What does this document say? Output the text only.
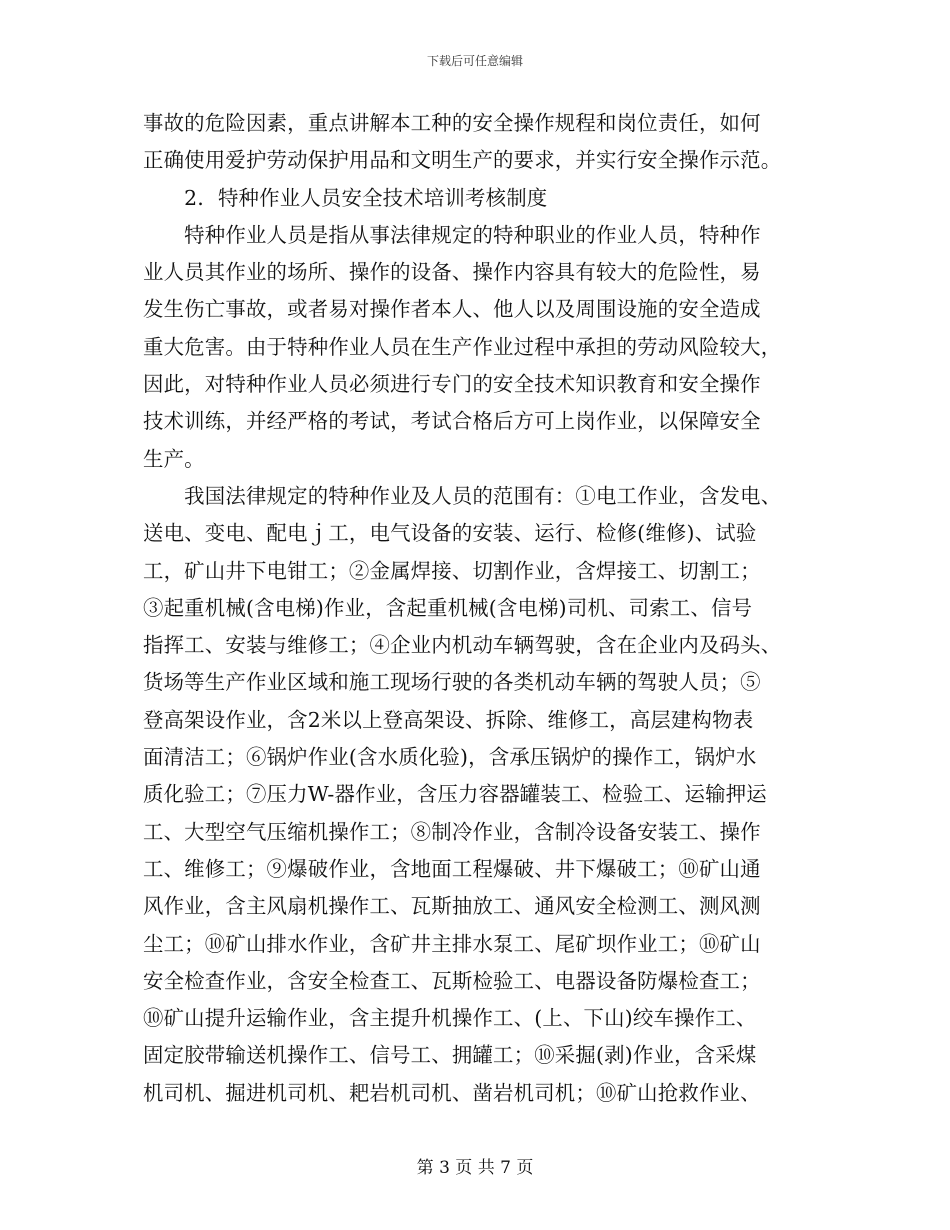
下载后可任意编辑
事故的危险因素，重点讲解本工种的安全操作规程和岗位责任，如何
正确使用爱护劳动保护用品和文明生产的要求，并实行安全操作示范。
　　2．特种作业人员安全技术培训考核制度
　　特种作业人员是指从事法律规定的特种职业的作业人员，特种作
业人员其作业的场所、操作的设备、操作内容具有较大的危险性，易
发生伤亡事故，或者易对操作者本人、他人以及周围设施的安全造成
重大危害。由于特种作业人员在生产作业过程中承担的劳动风险较大，
因此，对特种作业人员必须进行专门的安全技术知识教育和安全操作
技术训练，并经严格的考试，考试合格后方可上岗作业，以保障安全
生产。
　　我国法律规定的特种作业及人员的范围有：①电工作业，含发电、
送电、变电、配电ｊ工，电气设备的安装、运行、检修(维修)、试验
工，矿山井下电钳工；②金属焊接、切割作业，含焊接工、切割工；
③起重机械(含电梯)作业，含起重机械(含电梯)司机、司索工、信号
指挥工、安装与维修工；④企业内机动车辆驾驶，含在企业内及码头、
货场等生产作业区域和施工现场行驶的各类机动车辆的驾驶人员；⑤
登高架设作业，含2米以上登高架设、拆除、维修工，高层建构物表
面清洁工；⑥锅炉作业(含水质化验)，含承压锅炉的操作工，锅炉水
质化验工；⑦压力W-器作业，含压力容器罐装工、检验工、运输押运
工、大型空气压缩机操作工；⑧制冷作业，含制冷设备安装工、操作
工、维修工；⑨爆破作业，含地面工程爆破、井下爆破工；⑩矿山通
风作业，含主风扇机操作工、瓦斯抽放工、通风安全检测工、测风测
尘工；⑩矿山排水作业，含矿井主排水泵工、尾矿坝作业工；⑩矿山
安全检查作业，含安全检查工、瓦斯检验工、电器设备防爆检查工；
⑩矿山提升运输作业，含主提升机操作工、(上、下山)绞车操作工、
固定胶带输送机操作工、信号工、拥罐工；⑩采掘(剥)作业，含采煤
机司机、掘进机司机、耙岩机司机、凿岩机司机；⑩矿山抢救作业、
第 3 页 共 7 页
